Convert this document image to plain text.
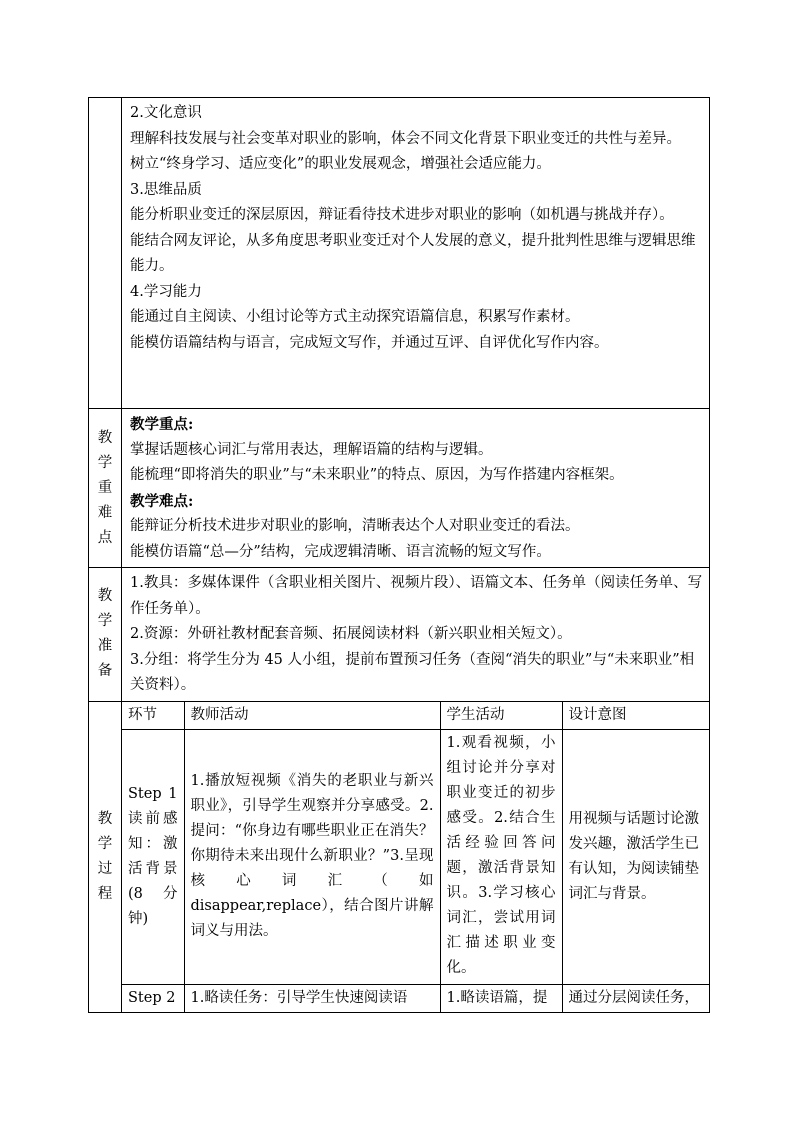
2.文化意识

理解科技发展与社会变革对职业的影响，体会不同文化背景下职业变迁的共性与差异。

树立“终身学习、适应变化”的职业发展观念，增强社会适应能力。

3.思维品质

能分析职业变迁的深层原因，辩证看待技术进步对职业的影响（如机遇与挑战并存）。

能结合网友评论，从多角度思考职业变迁对个人发展的意义，提升批判性思维与逻辑思维能力。

4.学习能力

能通过自主阅读、小组讨论等方式主动探究语篇信息，积累写作素材。

能模仿语篇结构与语言，完成短文写作，并通过互评、自评优化写作内容。

教
学
重
难
点

教学重点:

掌握话题核心词汇与常用表达，理解语篇的结构与逻辑。

能梳理“即将消失的职业”与“未来职业”的特点、原因，为写作搭建内容框架。

教学难点:

能辩证分析技术进步对职业的影响，清晰表达个人对职业变迁的看法。

能模仿语篇“总—分”结构，完成逻辑清晰、语言流畅的短文写作。

教
学
准
备

1.教具：多媒体课件（含职业相关图片、视频片段）、语篇文本、任务单（阅读任务单、写作任务单）。

2.资源：外研社教材配套音频、拓展阅读材料（新兴职业相关短文）。

3.分组：将学生分为 45 人小组，提前布置预习任务（查阅“消失的职业”与“未来职业”相关资料）。

教
学
过
程

环节	教师活动	学生活动	设计意图
Step 1 读前感知：激活背景(8分钟)	1.播放短视频《消失的老职业与新兴职业》，引导学生观察并分享感受。2.提问：“你身边有哪些职业正在消失？你期待未来出现什么新职业？”3.呈现核心词汇（如 disappear,replace），结合图片讲解词义与用法。	1.观看视频，小组讨论并分享对职业变迁的初步感受。2.结合生活经验回答问题，激活背景知识。3.学习核心词汇，尝试用词汇描述职业变化。	用视频与话题讨论激发兴趣，激活学生已有认知，为阅读铺垫词汇与背景。
Step 2	1.略读任务：引导学生快速阅读语	1.略读语篇，提	通过分层阅读任务，
